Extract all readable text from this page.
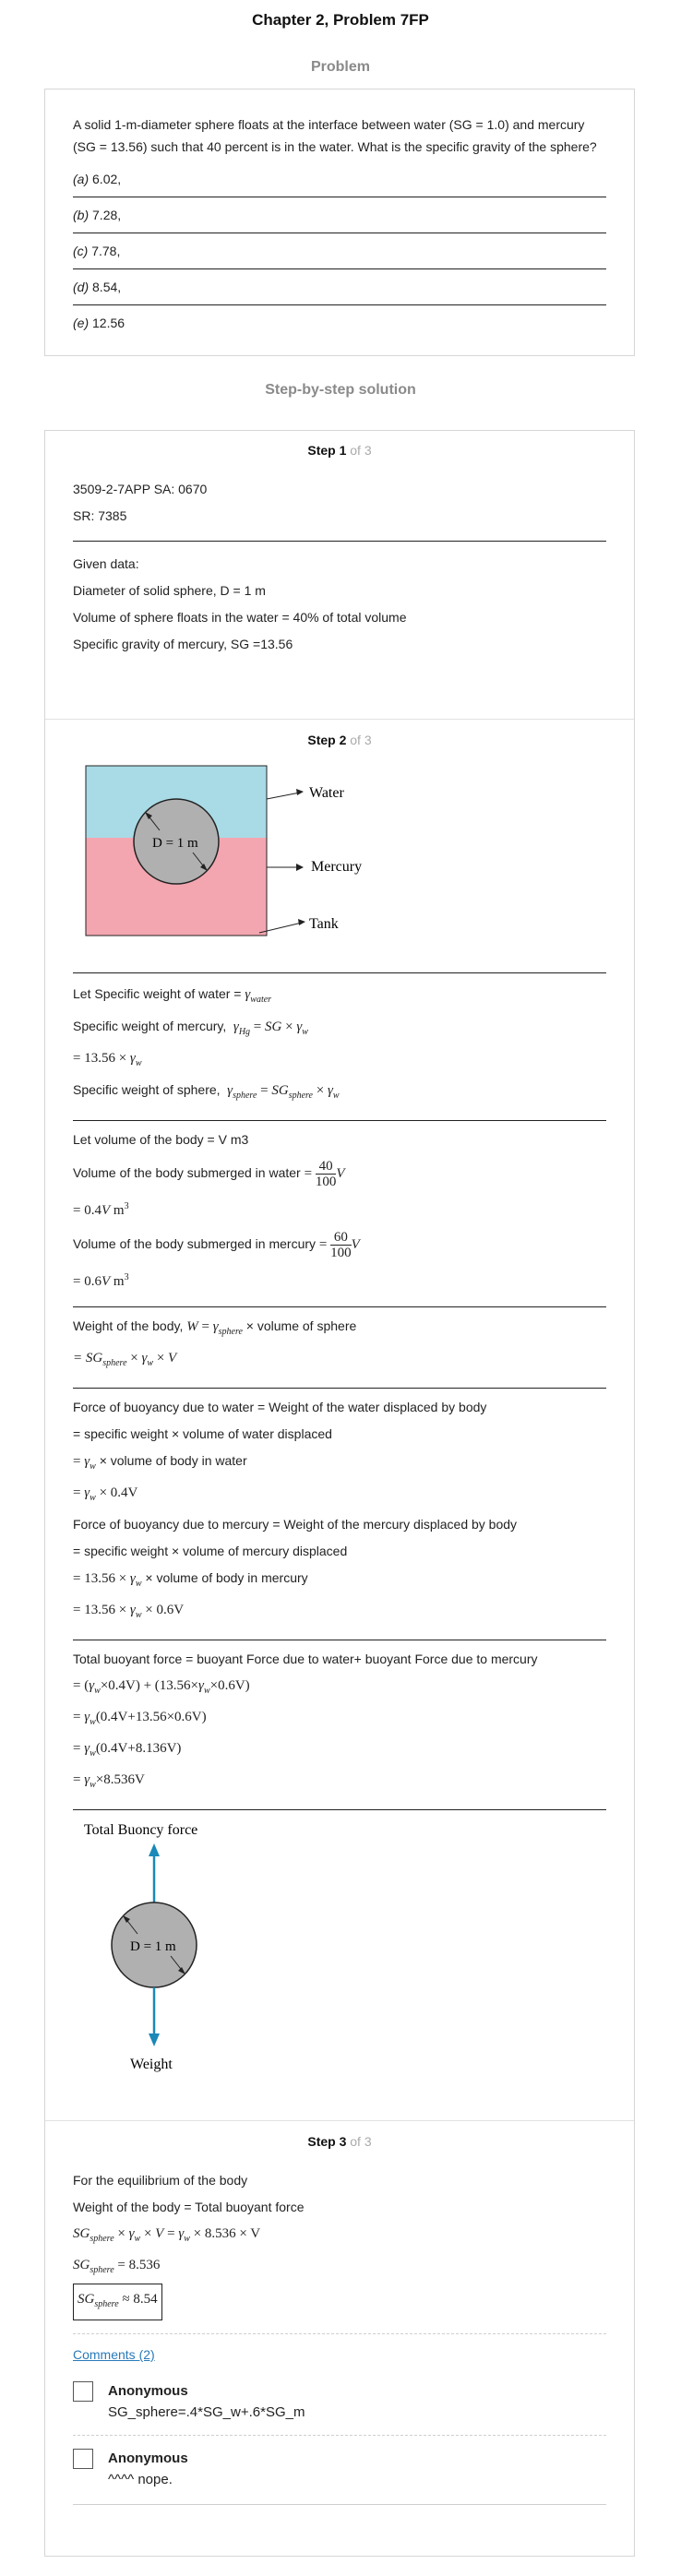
Chapter 2, Problem 7FP
Problem

A solid 1-m-diameter sphere floats at the interface between water (SG = 1.0) and mercury (SG = 13.56) such that 40 percent is in the water. What is the specific gravity of the sphere?

(a) 6.02,
(b) 7.28,
(c) 7.78,
(d) 8.54,
(e) 12.56
Step-by-step solution
Step 1 of 3

3509-2-7APP SA: 0670

SR: 7385

Given data:

Diameter of solid sphere, D = 1 m

Volume of sphere floats in the water = 40% of total volume

Specific gravity of mercury, SG =13.56

Step 2 of 3
D = 1 m
Water
Mercury
Tank

Let Specific weight of water = $\gamma_{water}$

Specific weight of mercury,  $\gamma_{Hg}$ = SG × $\gamma_w$

= $13.56 \times \gamma_w$

Specific weight of sphere,  $\gamma_{sphere} = SG_{sphere} \times \gamma_w$

Let volume of the body = V m3

Volume of the body submerged in water = $\frac{40}{100}$ V

= 0.4V $m^3$

Volume of the body submerged in mercury = $\frac{60}{100}$ V

= 0.6V $m^3$

Weight of the body, $W = \gamma_{sphere}$ × volume of sphere

= $SG_{sphere} \times \gamma_w \times V$

Force of buoyancy due to water = Weight of the water displaced by body

= specific weight × volume of water displaced

= $\gamma_w$ × volume of body in water

= $\gamma_w \times 0.4V$

Force of buoyancy due to mercury = Weight of the mercury displaced by body

= specific weight × volume of mercury displaced

= $13.56 \times \gamma_w$ × volume of body in mercury

= $13.56 \times \gamma_w \times 0.6V$

Total buoyant force = buoyant Force due to water+ buoyant Force due to mercury

= $(\gamma_w\times 0.4V) + (13.56\times\gamma_w\times 0.6V)$

= $\gamma_w(0.4V+13.56\times 0.6V)$

= $\gamma_w(0.4V+8.136V)$

= $\gamma_w\times 8.536V$

Total Buoncy force
D = 1 m
Weight
Step 3 of 3

For the equilibrium of the body

Weight of the body = Total buoyant force

$SG_{sphere} \times \gamma_w \times V = \gamma_w \times 8.536 \times V$

$SG_{sphere} = 8.536$

$SG_{sphere} \approx 8.54$

Comments (2)

Anonymous
SG_sphere=.4*SG_w+.6*SG_m
Anonymous
^^^^ nope.
